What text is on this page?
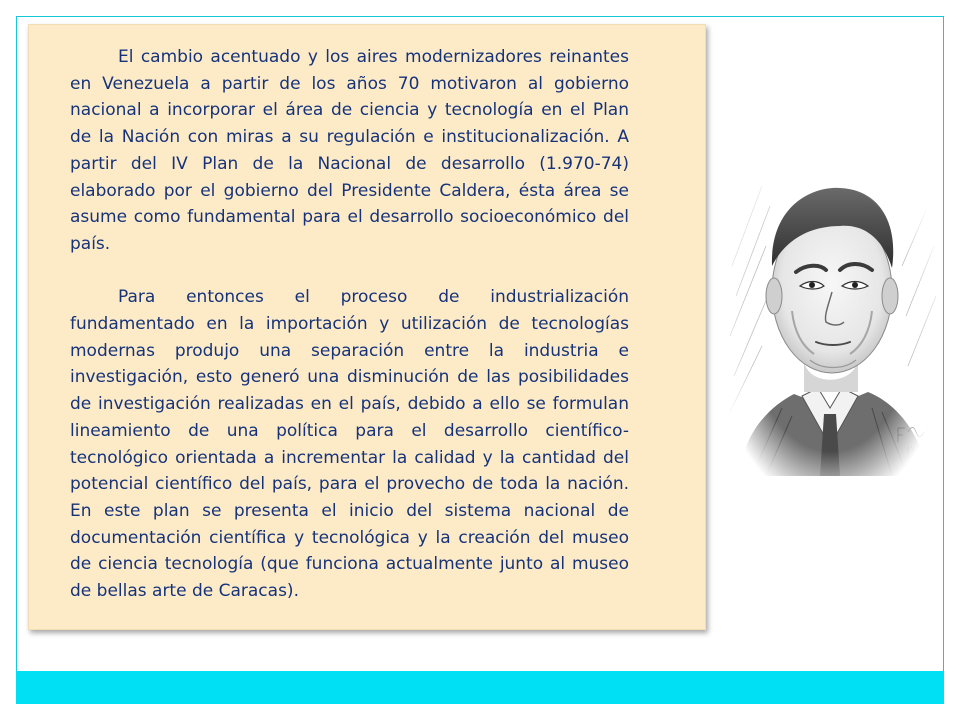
El cambio acentuado y los aires modernizadores reinantes en Venezuela a partir de los años 70 motivaron al gobierno nacional a incorporar el área de ciencia y tecnología en el Plan de la Nación con miras a su regulación e institucionalización. A partir del IV Plan de la Nacional de desarrollo (1.970-74) elaborado por el gobierno del Presidente Caldera, ésta área se asume como fundamental para el desarrollo socioeconómico del país.

Para entonces el proceso de industrialización fundamentado en la importación y utilización de tecnologías modernas produjo una separación entre la industria e investigación, esto generó una disminución de las posibilidades de investigación realizadas en el país, debido a ello se formulan lineamiento de una política para el desarrollo científico-tecnológico orientada a incrementar la calidad y la cantidad del potencial científico del país, para el provecho de toda la nación. En este plan se presenta el inicio del sistema nacional de documentación científica y tecnológica y la creación del museo de ciencia tecnología (que funciona actualmente junto al museo de bellas arte de Caracas).
